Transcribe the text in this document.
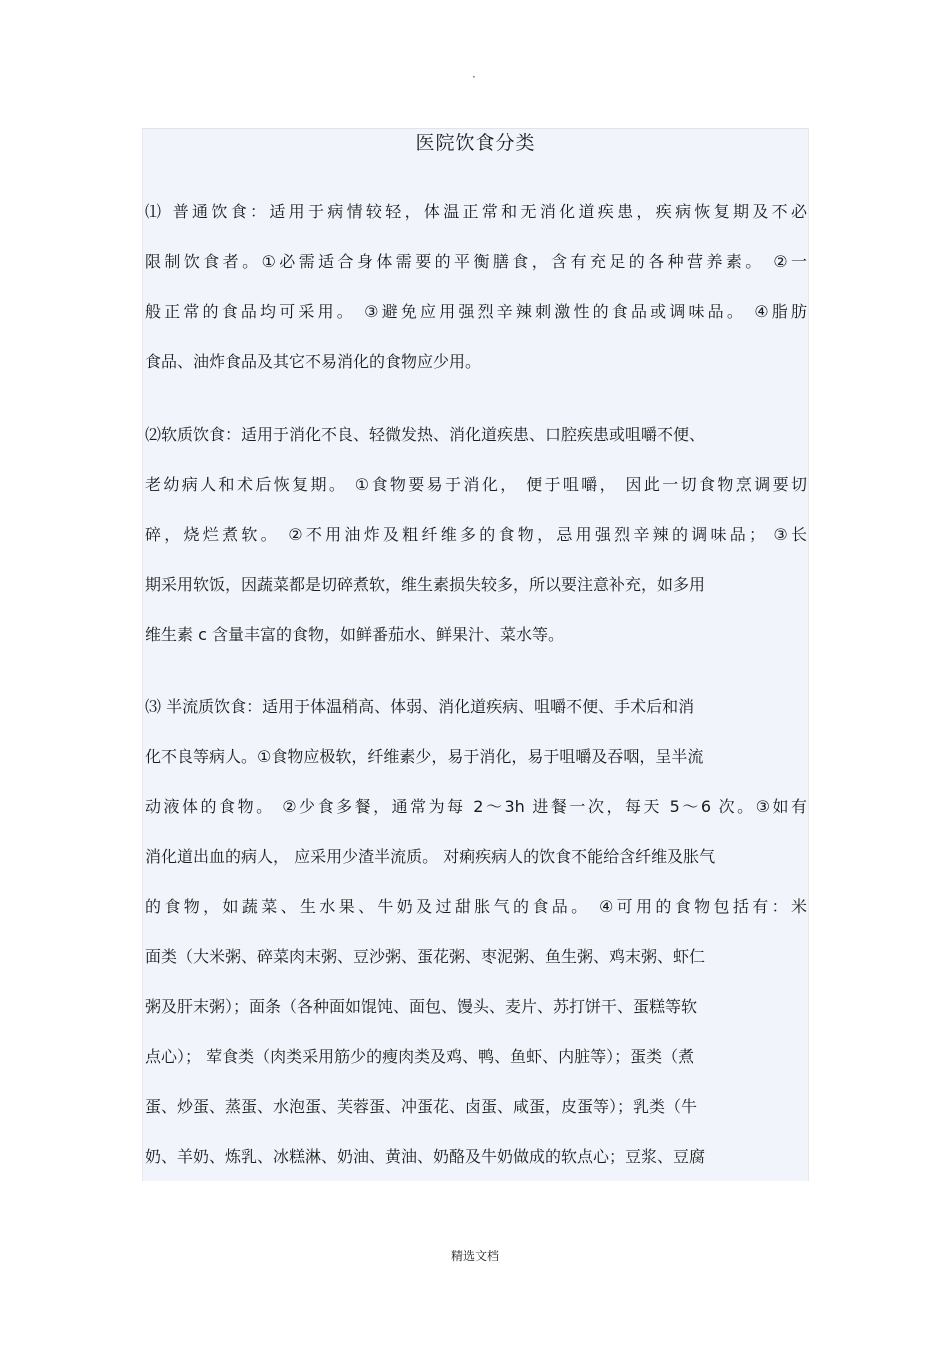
·
医院饮食分类
⑴ 普通饮食：适用于病情较轻，体温正常和无消化道疾患，疾病恢复期及不必
限制饮食者。①必需适合身体需要的平衡膳食，含有充足的各种营养素。 ②一
般正常的食品均可采用。 ③避免应用强烈辛辣刺激性的食品或调味品。 ④脂肪
食品、油炸食品及其它不易消化的食物应少用。
⑵软质饮食：适用于消化不良、轻微发热、消化道疾患、口腔疾患或咀嚼不便、
老幼病人和术后恢复期。 ①食物要易于消化， 便于咀嚼， 因此一切食物烹调要切
碎，烧烂煮软。 ②不用油炸及粗纤维多的食物，忌用强烈辛辣的调味品； ③长
期采用软饭，因蔬菜都是切碎煮软，维生素损失较多，所以要注意补充，如多用
维生素 c 含量丰富的食物，如鲜番茄水、鲜果汁、菜水等。
⑶ 半流质饮食：适用于体温稍高、体弱、消化道疾病、咀嚼不便、手术后和消
化不良等病人。①食物应极软，纤维素少，易于消化，易于咀嚼及吞咽，呈半流
动液体的食物。 ②少食多餐，通常为每 2～3h 进餐一次，每天 5～6 次。③如有
消化道出血的病人， 应采用少渣半流质。 对痢疾病人的饮食不能给含纤维及胀气
的食物，如蔬菜、生水果、牛奶及过甜胀气的食品。 ④可用的食物包括有：米
面类（大米粥、碎菜肉末粥、豆沙粥、蛋花粥、枣泥粥、鱼生粥、鸡末粥、虾仁
粥及肝末粥）；面条（各种面如馄饨、面包、馒头、麦片、苏打饼干、蛋糕等软
点心）； 荤食类（肉类采用筋少的瘦肉类及鸡、鸭、鱼虾、内脏等）；蛋类（煮
蛋、炒蛋、蒸蛋、水泡蛋、芙蓉蛋、冲蛋花、卤蛋、咸蛋，皮蛋等）；乳类（牛
奶、羊奶、炼乳、冰糕淋、奶油、黄油、奶酪及牛奶做成的软点心；豆浆、豆腐
精选文档
